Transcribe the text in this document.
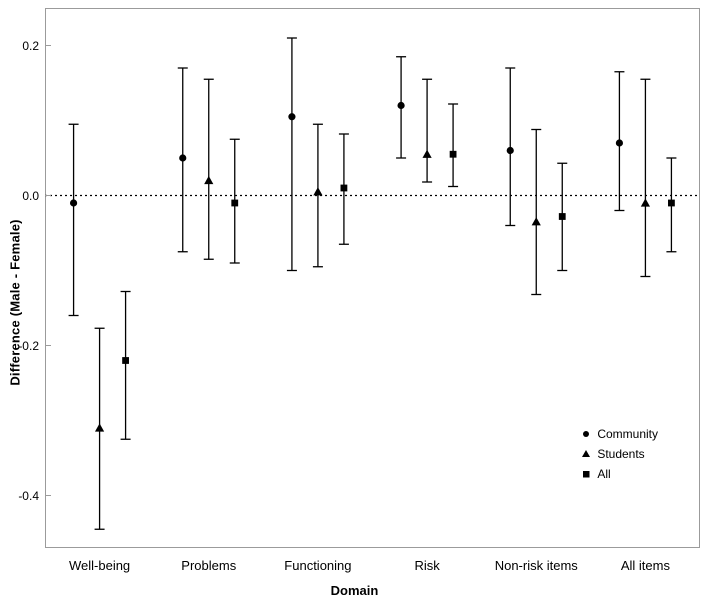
Difference (Male - Female)
-0.4
-0.2
0.0
0.2
Well-being	Problems	Functioning	Risk	Non-risk items	All items
Community
Students
All
Domain
